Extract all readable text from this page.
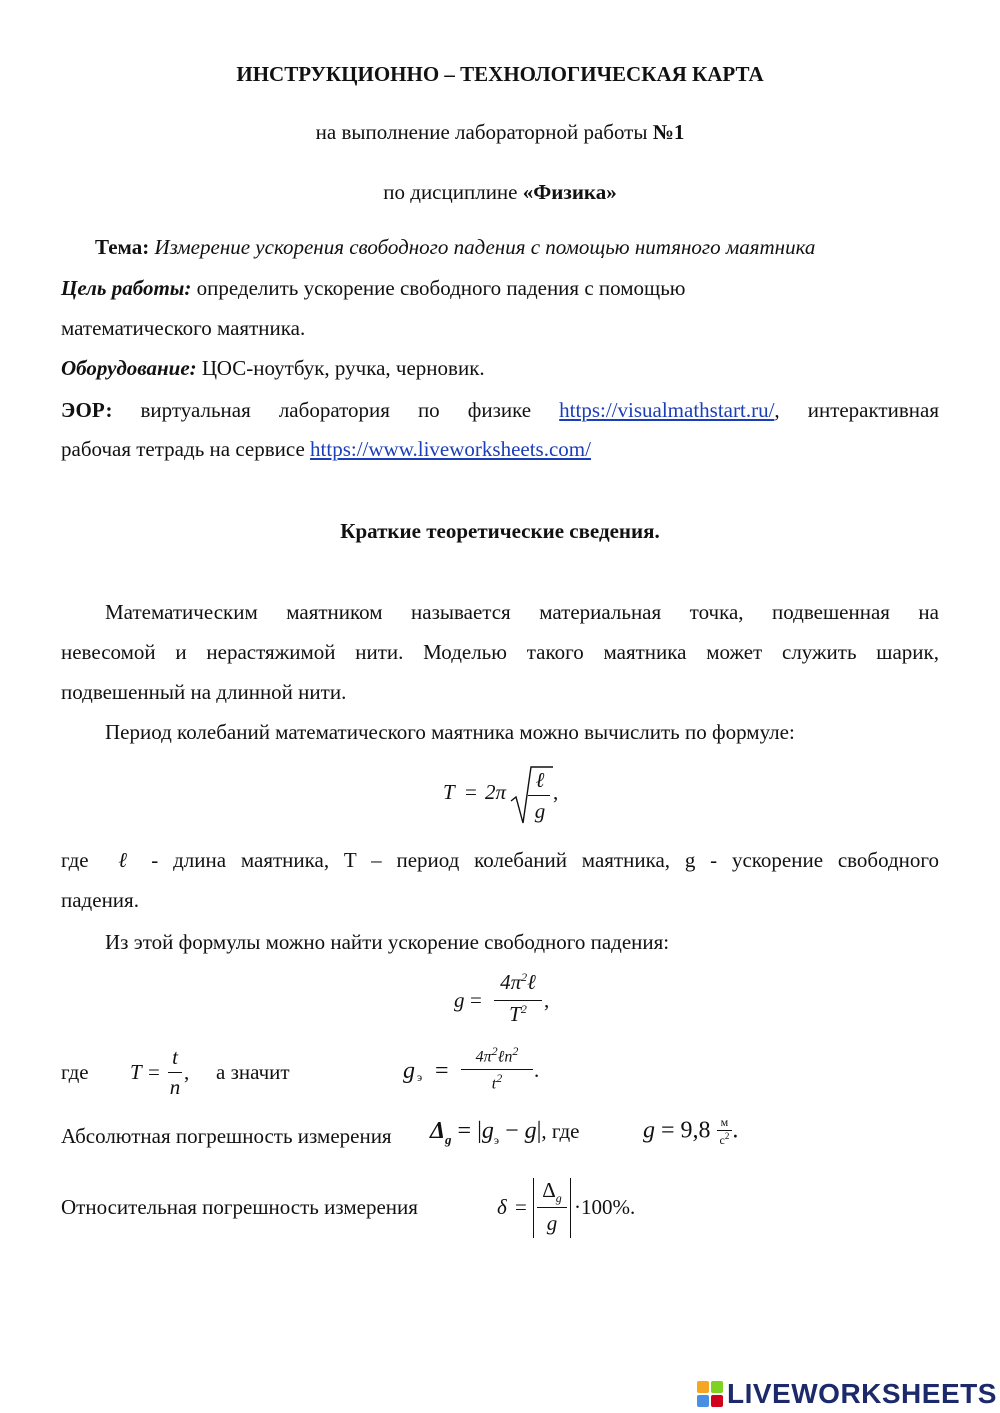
ИНСТРУКЦИОННО – ТЕХНОЛОГИЧЕСКАЯ КАРТА
на выполнение лабораторной работы №1
по дисциплине «Физика»
Тема: Измерение ускорения свободного падения с помощью нитяного маятника
Цель работы: определить ускорение свободного падения с помощью
математического маятника.
Оборудование: ЦОС-ноутбук, ручка, черновик.
ЭОР: виртуальная лаборатория по физике https://visualmathstart.ru/, интерактивная
рабочая тетрадь на сервисе https://www.liveworksheets.com/
Краткие теоретические сведения.
Математическим маятником называется материальная точка, подвешенная на
невесомой и нерастяжимой нити. Моделью такого маятника может служить шарик,
подвешенный на длинной нити.
Период колебаний математического маятника можно вычислить по формуле:
T = 2π ℓ
g
,
где  ℓ - длина маятника, T – период колебаний маятника, g - ускорение свободного
падения.
Из этой формулы можно найти ускорение свободного падения:
g =
$4\pi^2\ell$
$T^2$ ,
где T =
t
n
, а значит	g э =
$4\pi^2\ell n^2$
$t^2$	.
Абсолютная погрешность измерения $\Delta_g = |g_э - g|$, где	$g = 9,8 \frac{м}{с^2}$ .
Относительная погрешность измерения	δ =
$\Delta_g$
g
·100%.
LIVEWORKSHEETS
